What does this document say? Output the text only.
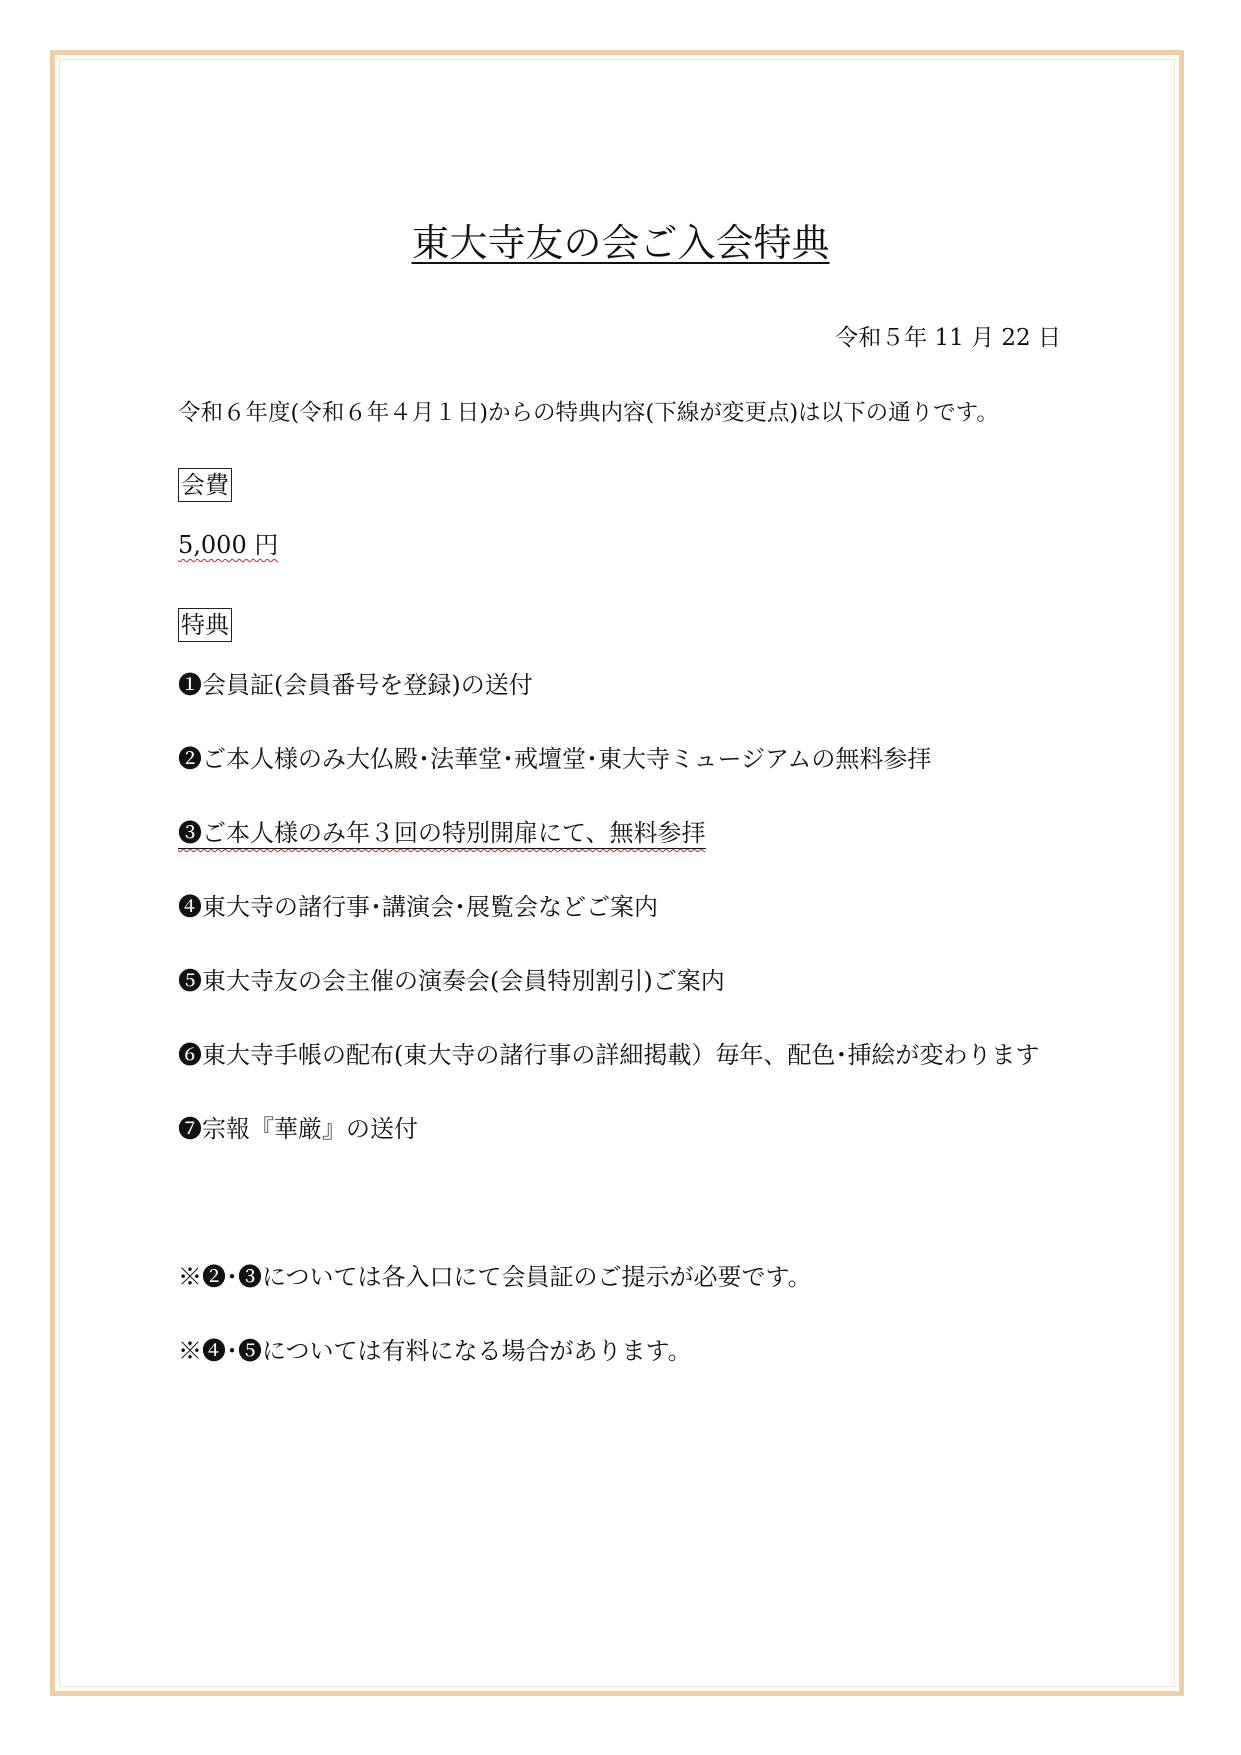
東大寺友の会ご入会特典
令和５年 11 月 22 日
令和６年度(令和６年４月１日)からの特典内容(下線が変更点)は以下の通りです。
会費
5,000 円
特典
❶会員証(会員番号を登録)の送付
❷ご本人様のみ大仏殿･法華堂･戒壇堂･東大寺ミュージアムの無料参拝
❸ご本人様のみ年３回の特別開扉にて、無料参拝
❹東大寺の諸行事･講演会･展覧会などご案内
❺東大寺友の会主催の演奏会(会員特別割引)ご案内
❻東大寺手帳の配布(東大寺の諸行事の詳細掲載）毎年、配色･挿絵が変わります
❼宗報『華厳』の送付
※❷･❸については各入口にて会員証のご提示が必要です。
※❹･❺については有料になる場合があります。
